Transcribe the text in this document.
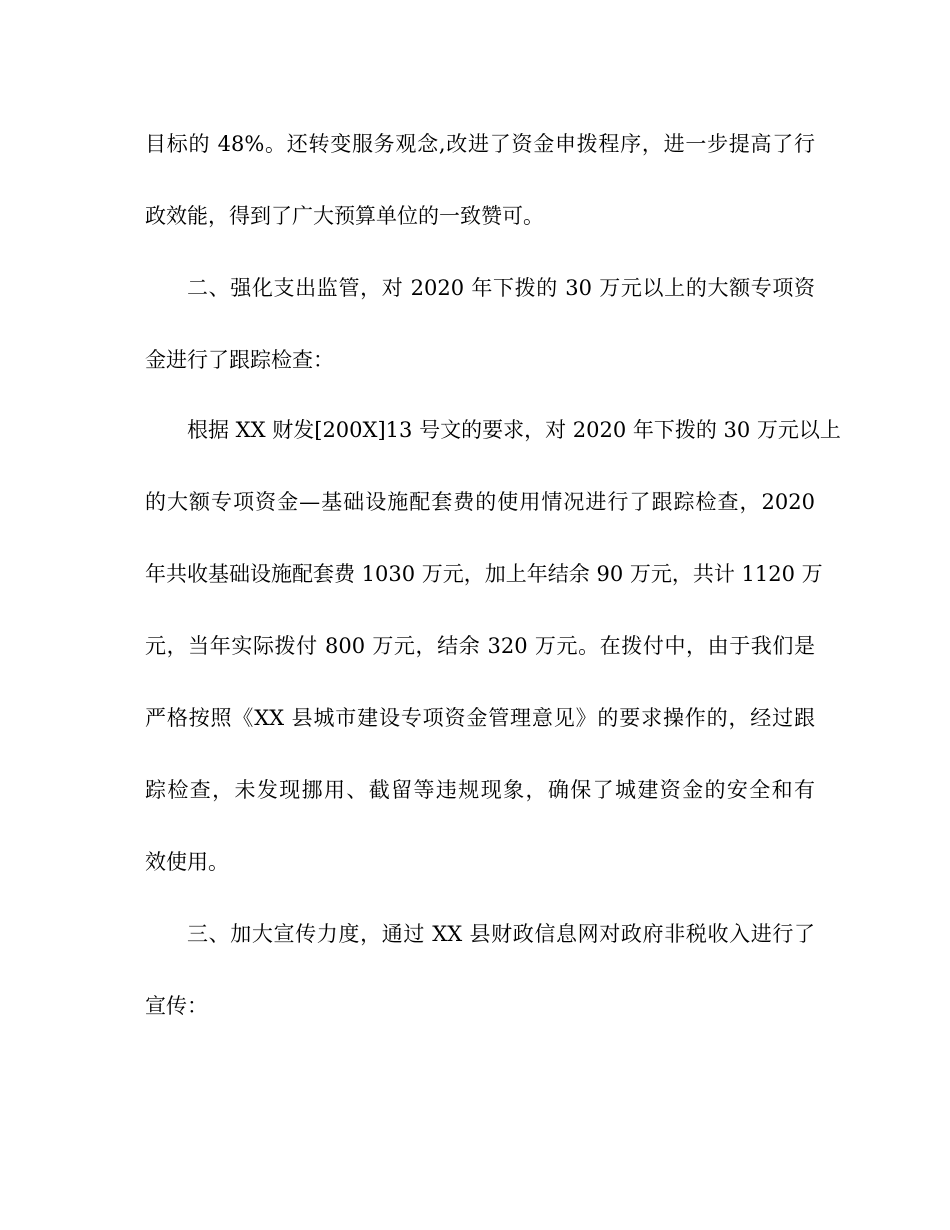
目标的 48%。还转变服务观念,改进了资金申拨程序，进一步提高了行
政效能，得到了广大预算单位的一致赞可。
二、强化支出监管，对 2020 年下拨的 30 万元以上的大额专项资
金进行了跟踪检查：
根据 XX 财发[200X]13 号文的要求，对 2020 年下拨的 30 万元以上
的大额专项资金—基础设施配套费的使用情况进行了跟踪检查，2020
年共收基础设施配套费 1030 万元，加上年结余 90 万元，共计 1120 万
元，当年实际拨付 800 万元，结余 320 万元。在拨付中，由于我们是
严格按照《XX 县城市建设专项资金管理意见》的要求操作的，经过跟
踪检查，未发现挪用、截留等违规现象，确保了城建资金的安全和有
效使用。
三、加大宣传力度，通过 XX 县财政信息网对政府非税收入进行了
宣传：
